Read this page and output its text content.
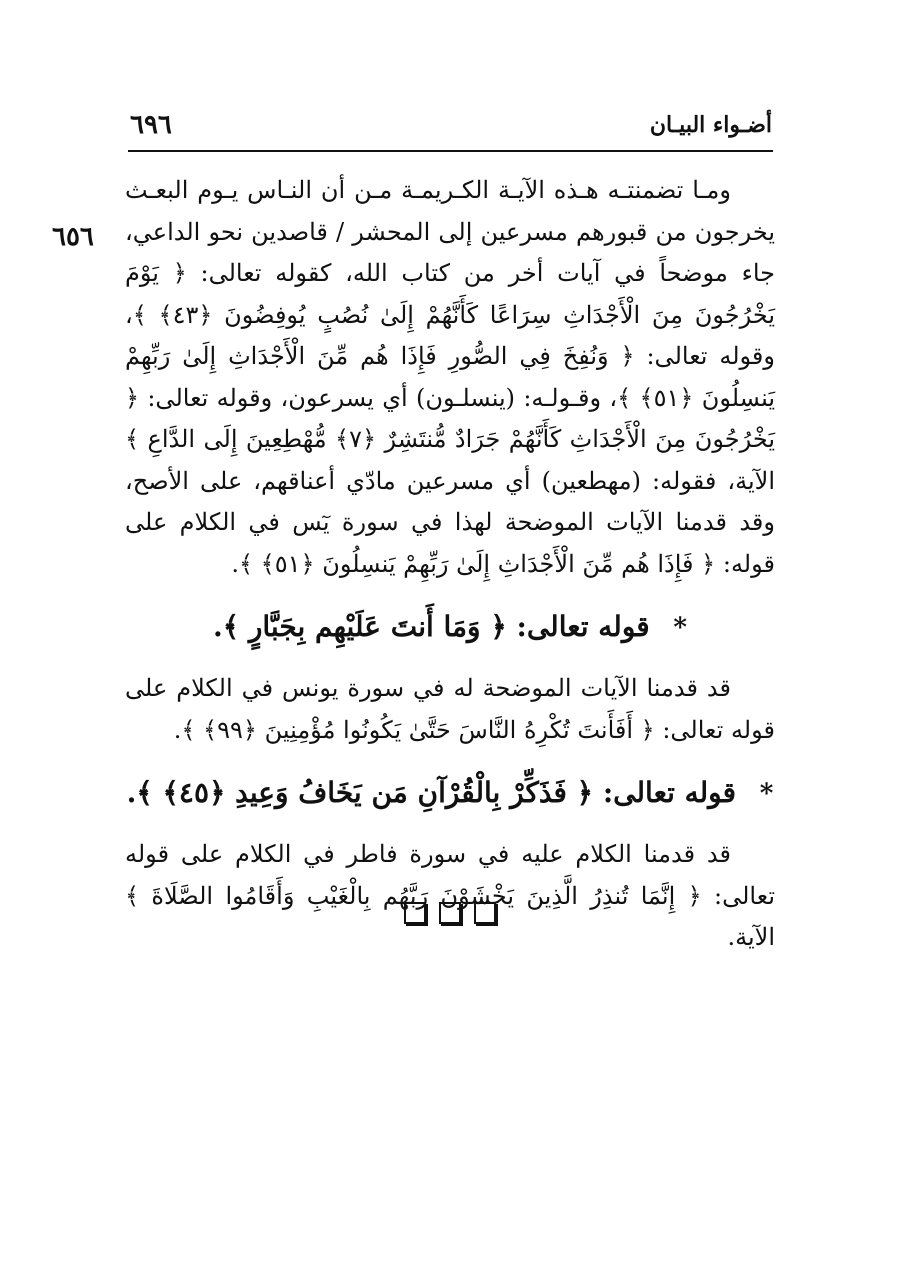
أضـواء البيـان
٦٩٦
٦٥٦

ومـا تضمنتـه هـذه الآيـة الكـريمـة مـن أن النـاس يـوم البعـث يخرجون من قبورهم مسرعين إلى المحشر / قاصدين نحو الداعي، جاء موضحاً في آيات أخر من كتاب الله، كقوله تعالى: ﴿ يَوْمَ يَخْرُجُونَ مِنَ الْأَجْدَاثِ سِرَاعًا كَأَنَّهُمْ إِلَىٰ نُصُبٍ يُوفِضُونَ ﴿٤٣﴾ ﴾، وقوله تعالى: ﴿ وَنُفِخَ فِي الصُّورِ فَإِذَا هُم مِّنَ الْأَجْدَاثِ إِلَىٰ رَبِّهِمْ يَنسِلُونَ ﴿٥١﴾ ﴾، وقـولـه: (ينسلـون) أي يسرعون، وقوله تعالى: ﴿ يَخْرُجُونَ مِنَ الْأَجْدَاثِ كَأَنَّهُمْ جَرَادٌ مُّنتَشِرٌ ﴿٧﴾ مُّهْطِعِينَ إِلَى الدَّاعِ ﴾ الآية، فقوله: (مهطعين) أي مسرعين مادّي أعناقهم، على الأصح، وقد قدمنا الآيات الموضحة لهذا في سورة يٓس في الكلام على قوله: ﴿ فَإِذَا هُم مِّنَ الْأَجْدَاثِ إِلَىٰ رَبِّهِمْ يَنسِلُونَ ﴿٥١﴾ ﴾.

* قوله تعالى: ﴿ وَمَا أَنتَ عَلَيْهِم بِجَبَّارٍ ﴾.

قد قدمنا الآيات الموضحة له في سورة يونس في الكلام على قوله تعالى: ﴿ أَفَأَنتَ تُكْرِهُ النَّاسَ حَتَّىٰ يَكُونُوا مُؤْمِنِينَ ﴿٩٩﴾ ﴾.

* قوله تعالى: ﴿ فَذَكِّرْ بِالْقُرْآنِ مَن يَخَافُ وَعِيدِ ﴿٤٥﴾ ﴾.

قد قدمنا الكلام عليه في سورة فاطر في الكلام على قوله تعالى: ﴿ إِنَّمَا تُنذِرُ الَّذِينَ يَخْشَوْنَ رَبَّهُم بِالْغَيْبِ وَأَقَامُوا الصَّلَاةَ ﴾ الآية.
